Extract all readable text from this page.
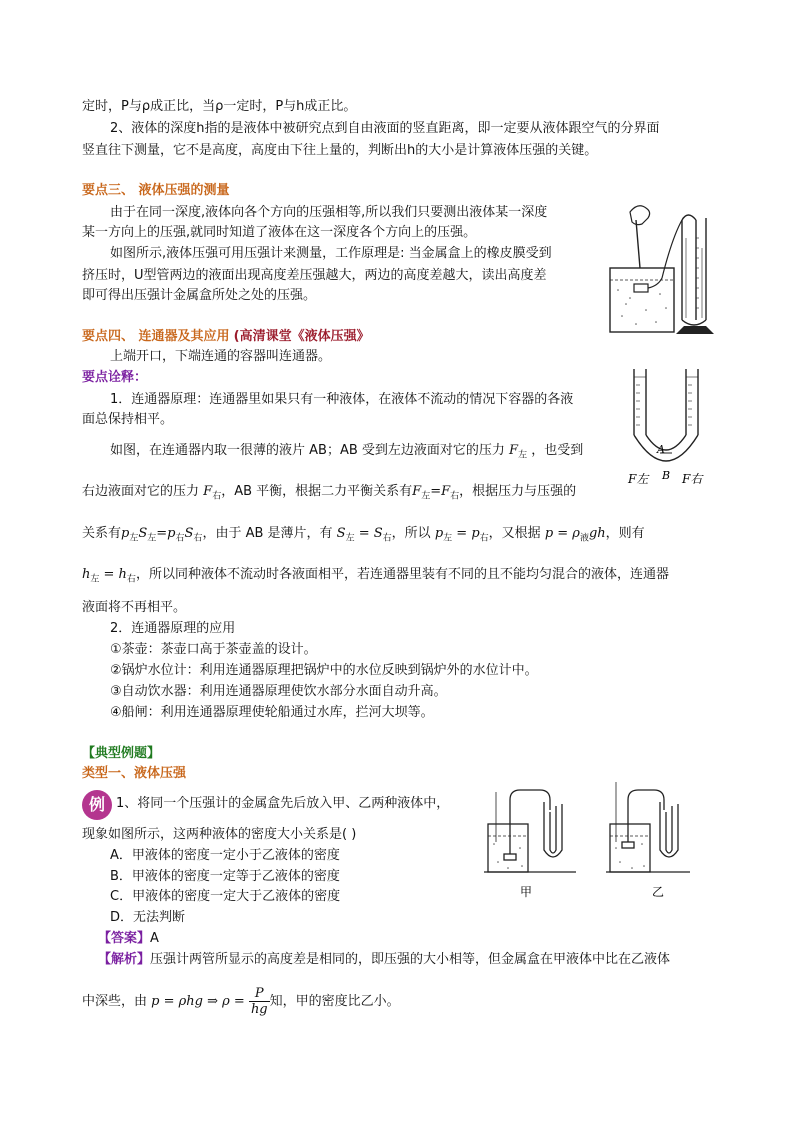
定时，P与ρ成正比，当ρ一定时，P与h成正比。
2、液体的深度h指的是液体中被研究点到自由液面的竖直距离，即一定要从液体跟空气的分界面
竖直往下测量，它不是高度，高度由下往上量的，判断出h的大小是计算液体压强的关键。
要点三、 液体压强的测量
由于在同一深度,液体向各个方向的压强相等,所以我们只要测出液体某一深度
某一方向上的压强,就同时知道了液体在这一深度各个方向上的压强。
如图所示,液体压强可用压强计来测量，工作原理是: 当金属盒上的橡皮膜受到
挤压时，U型管两边的液面出现高度差压强越大，两边的高度差越大，读出高度差
即可得出压强计金属盒所处之处的压强。
要点四、 连通器及其应用 (高清课堂《液体压强》
上端开口，下端连通的容器叫连通器。
要点诠释：
1．连通器原理：连通器里如果只有一种液体，在液体不流动的情况下容器的各液
面总保持相平。
如图，在连通器内取一很薄的液片 AB；AB 受到左边液面对它的压力 $F_左$ ，也受到
右边液面对它的压力 $F_右$，AB 平衡，根据二力平衡关系有$F_左=F_右$，根据压力与压强的
关系有$p_左S_左=p_右S_右$，由于 AB 是薄片，有 $S_左 = S_右$，所以 $p_左 = p_右$，又根据 $p = \rho_液gh$，则有
$h_左 = h_右$，所以同种液体不流动时各液面相平，若连通器里装有不同的且不能均匀混合的液体，连通器
液面将不再相平。
2．连通器原理的应用
①茶壶：茶壶口高于茶壶盖的设计。
②锅炉水位计：利用连通器原理把锅炉中的水位反映到锅炉外的水位计中。
③自动饮水器：利用连通器原理使饮水部分水面自动升高。
④船闸：利用连通器原理使轮船通过水库，拦河大坝等。
A
B
F左	F右
【典型例题】
类型一、液体压强
例 1、将同一个压强计的金属盒先后放入甲、乙两种液体中，
现象如图所示，这两种液体的密度大小关系是( )
A．甲液体的密度一定小于乙液体的密度
B．甲液体的密度一定等于乙液体的密度
C．甲液体的密度一定大于乙液体的密度
D．无法判断
【答案】A
【解析】压强计两管所显示的高度差是相同的，即压强的大小相等，但金属盒在甲液体中比在乙液体
中深些，由 p = ρhg ⇒ $\rho = \frac{P}{hg}$ 知，甲的密度比乙小。
甲	乙
